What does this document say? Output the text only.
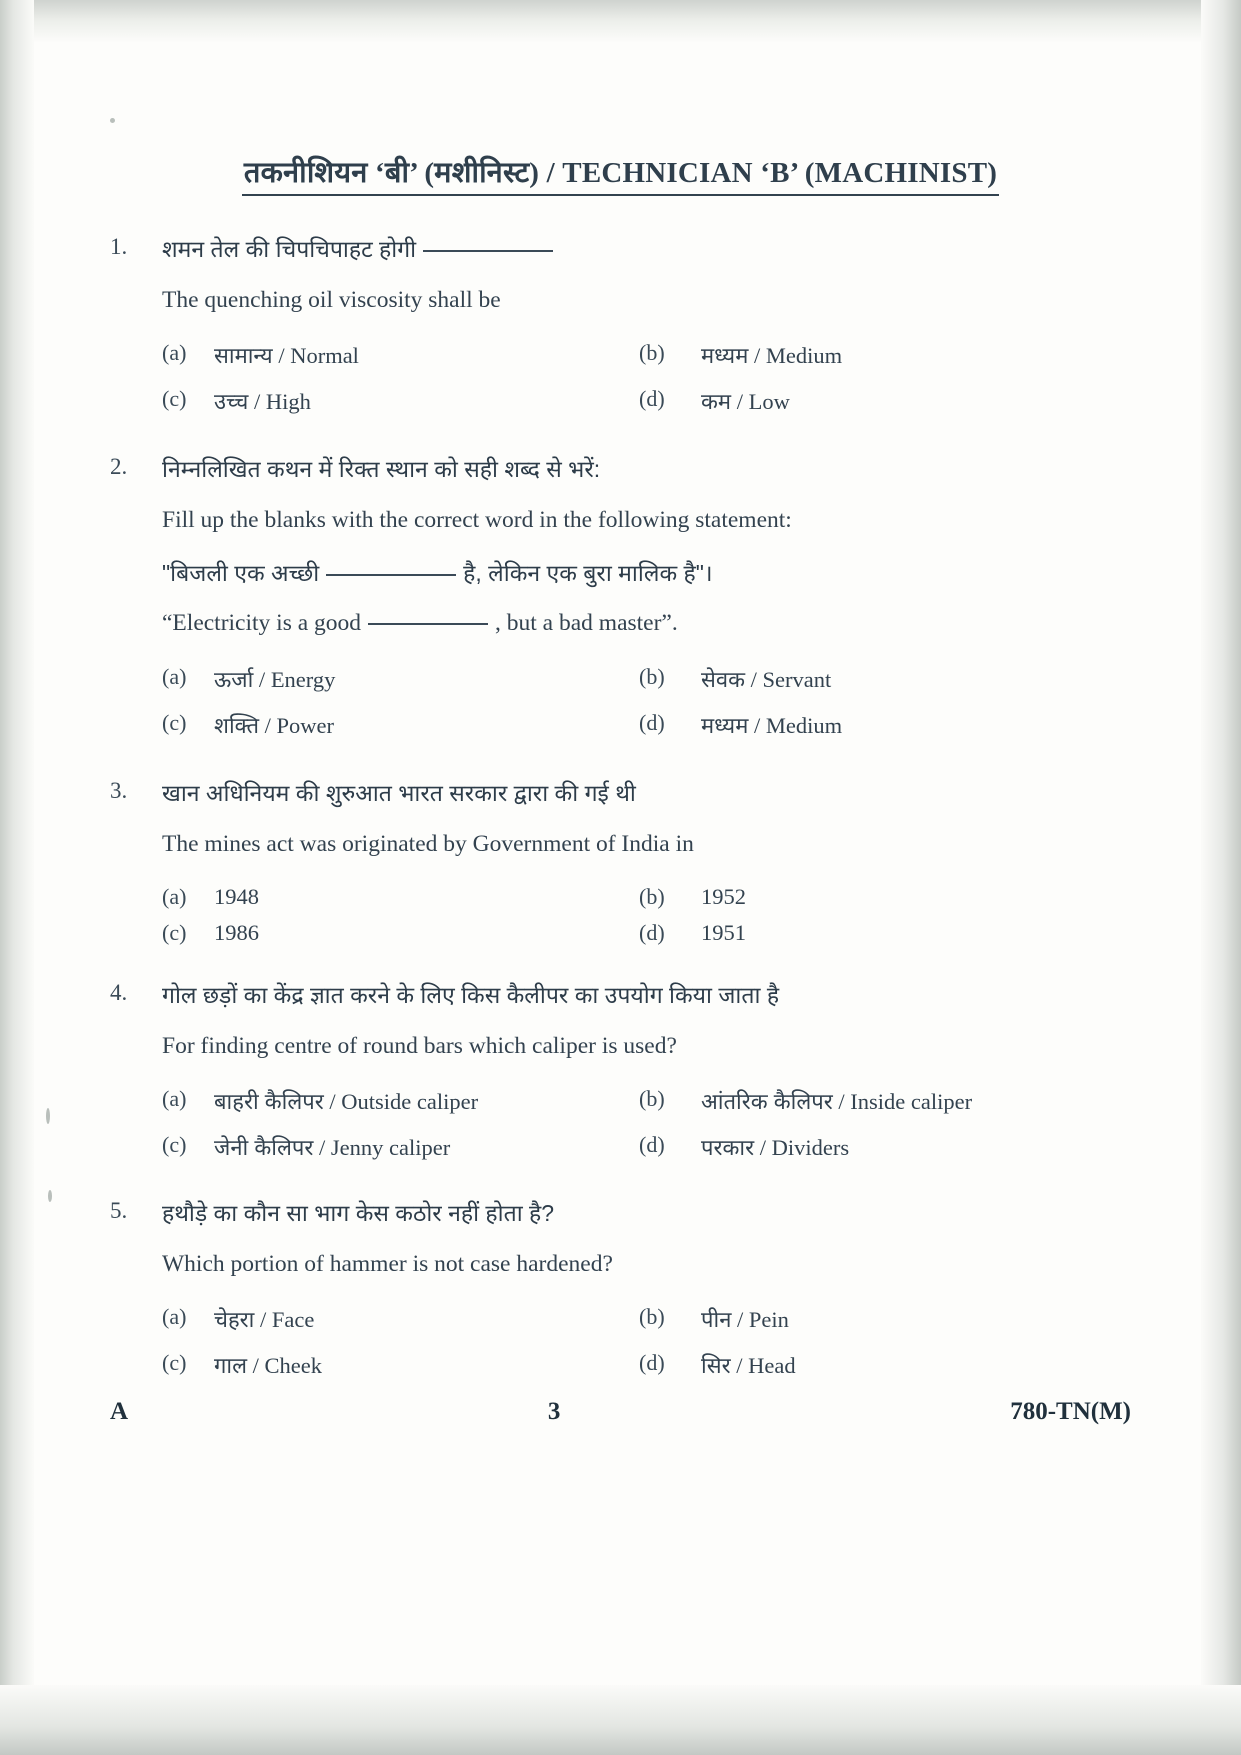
तकनीशियन ‘बी’ (मशीनिस्ट) / TECHNICIAN ‘B’ (MACHINIST)
1.	शमन तेल की चिपचिपाहट होगी
The quenching oil viscosity shall be
(a)	सामान्य / Normal	(b)	मध्यम / Medium
(c)	उच्च / High	(d)	कम / Low
2.	निम्नलिखित कथन में रिक्त स्थान को सही शब्द से भरें:
Fill up the blanks with the correct word in the following statement:
"बिजली एक अच्छी	है, लेकिन एक बुरा मालिक है"।
“Electricity is a good	, but a bad master”.
(a)	ऊर्जा / Energy	(b)	सेवक / Servant
(c)	शक्ति / Power	(d)	मध्यम / Medium
3.	खान अधिनियम की शुरुआत भारत सरकार द्वारा की गई थी
The mines act was originated by Government of India in
(a)	1948	(b)	1952
(c)	1986	(d)	1951
4.	गोल छड़ों का केंद्र ज्ञात करने के लिए किस कैलीपर का उपयोग किया जाता है
For finding centre of round bars which caliper is used?
(a)	बाहरी कैलिपर / Outside caliper	(b)	आंतरिक कैलिपर / Inside caliper
(c)	जेनी कैलिपर / Jenny caliper	(d)	परकार / Dividers
5.	हथौड़े का कौन सा भाग केस कठोर नहीं होता है?
Which portion of hammer is not case hardened?
(a)	चेहरा / Face	(b)	पीन / Pein
(c)	गाल / Cheek	(d)	सिर / Head
A	3	780-TN(M)
